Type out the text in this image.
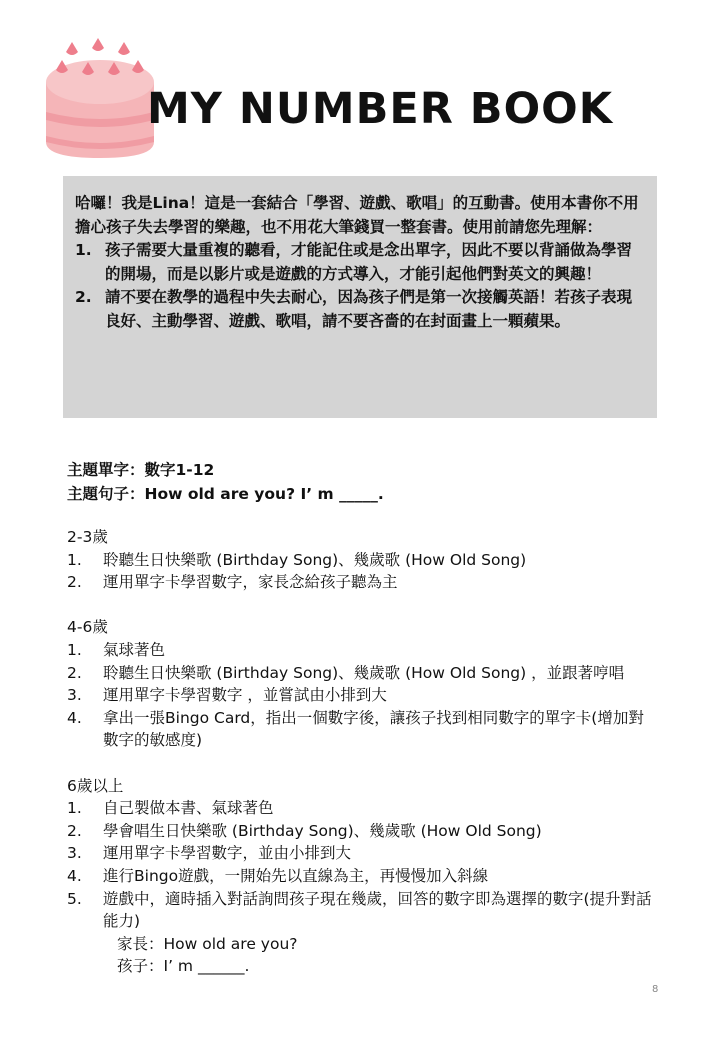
MY NUMBER BOOK

哈囉！我是Lina！這是一套結合「學習、遊戲、歌唱」的互動書。使用本書你不用擔心孩子失去學習的樂趣，也不用花大筆錢買一整套書。使用前請您先理解：

1. 孩子需要大量重複的聽看，才能記住或是念出單字，因此不要以背誦做為學習的開場，而是以影片或是遊戲的方式導入，才能引起他們對英文的興趣！
2. 請不要在教學的過程中失去耐心，因為孩子們是第一次接觸英語！若孩子表現良好、主動學習、遊戲、歌唱，請不要吝嗇的在封面畫上一顆蘋果。
主題單字：數字1-12
主題句子：How old are you? I’ m _____.
2-3歲
1.	聆聽生日快樂歌 (Birthday Song)、幾歲歌 (How Old Song)
2.	運用單字卡學習數字，家長念給孩子聽為主
4-6歲
1.	氣球著色
2.	聆聽生日快樂歌 (Birthday Song)、幾歲歌 (How Old Song) ，並跟著哼唱
3.	運用單字卡學習數字 ，並嘗試由小排到大
4.	拿出一張Bingo Card，指出一個數字後，讓孩子找到相同數字的單字卡(增加對數字的敏感度)
6歲以上
1.	自己製做本書、氣球著色
2.	學會唱生日快樂歌 (Birthday Song)、幾歲歌 (How Old Song)
3.	運用單字卡學習數字，並由小排到大
4.	進行Bingo遊戲，一開始先以直線為主，再慢慢加入斜線
5.	遊戲中，適時插入對話詢問孩子現在幾歲，回答的數字即為選擇的數字(提升對話能力)
家長：How old are you?
孩子：I’ m ______.
8
